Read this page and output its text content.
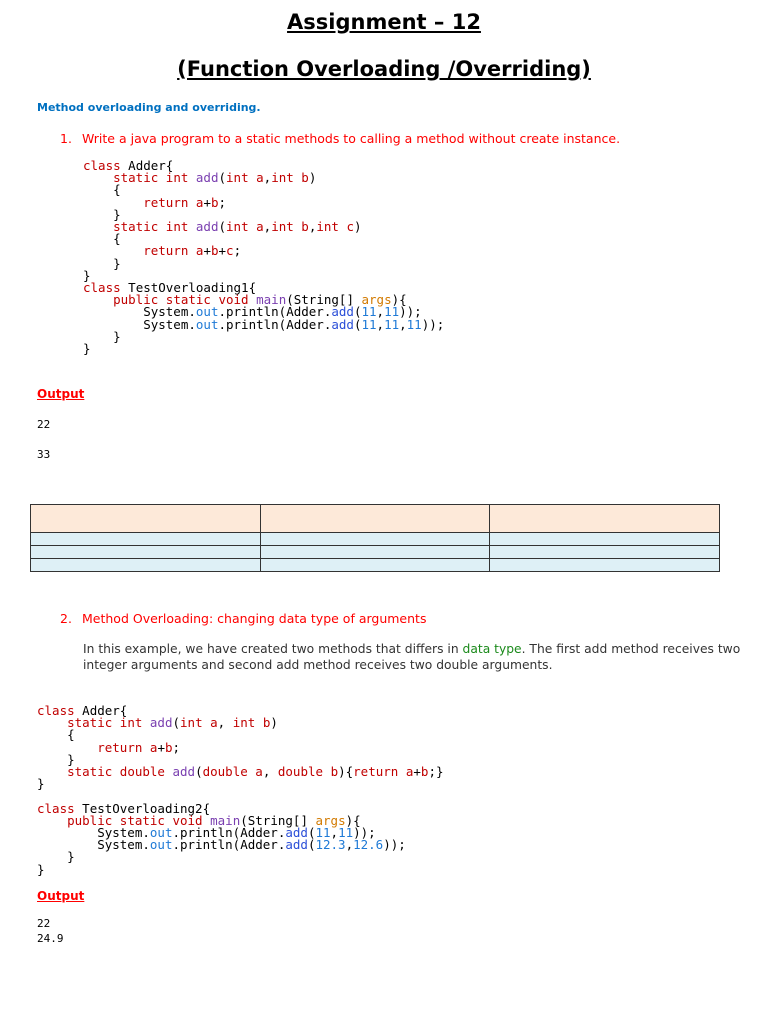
Assignment – 12
(Function Overloading /Overriding)
Method overloading and overriding.
1. Write a java program to a static methods to calling a method without create instance.
class Adder{
static int add(int a,int b)
{
return a+b;
}
static int add(int a,int b,int c)
{
return a+b+c;
}
}
class TestOverloading1{
public static void main(String[] args){
System.out.println(Adder.add(11,11));
System.out.println(Adder.add(11,11,11));
}
}
Output
22
33

2. Method Overloading: changing data type of arguments
In this example, we have created two methods that differs in data type. The first add method receives two integer arguments and second add method receives two double arguments.
class Adder{
static int add(int a, int b)
{
return a+b;
}
static double add(double a, double b){return a+b;}
}

class TestOverloading2{
public static void main(String[] args){
System.out.println(Adder.add(11,11));
System.out.println(Adder.add(12.3,12.6));
}
}
Output
22
24.9
